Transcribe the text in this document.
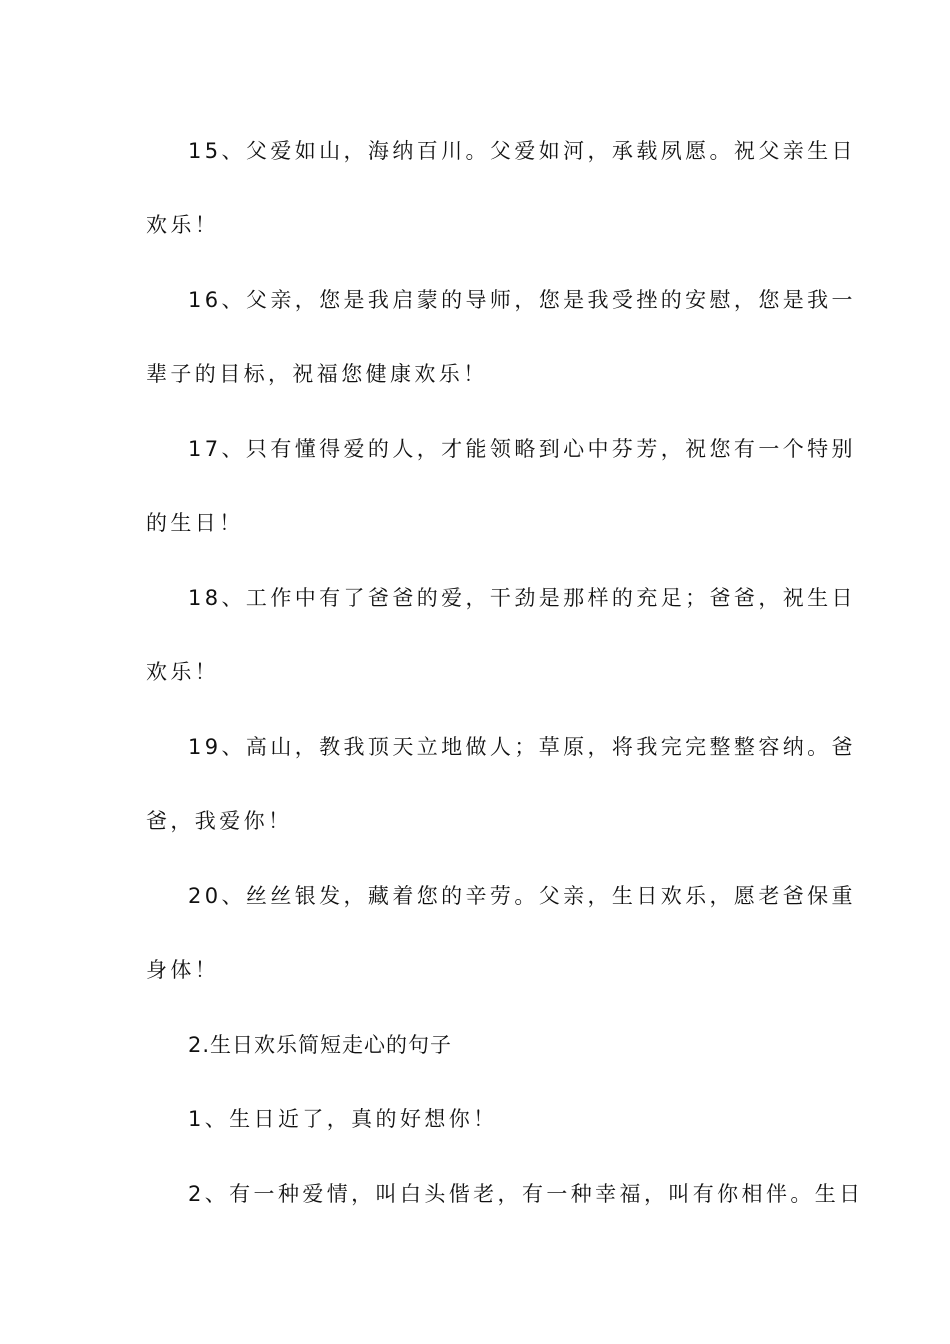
15、父爱如山，海纳百川。父爱如河，承载夙愿。祝父亲生日
欢乐！
16、父亲，您是我启蒙的导师，您是我受挫的安慰，您是我一
辈子的目标，祝福您健康欢乐！
17、只有懂得爱的人，才能领略到心中芬芳，祝您有一个特别
的生日！
18、工作中有了爸爸的爱，干劲是那样的充足；爸爸，祝生日
欢乐！
19、高山，教我顶天立地做人；草原，将我完完整整容纳。爸
爸，我爱你！
20、丝丝银发，藏着您的辛劳。父亲，生日欢乐，愿老爸保重
身体！
2.生日欢乐简短走心的句子
1、生日近了，真的好想你！
2、有一种爱情，叫白头偕老，有一种幸福，叫有你相伴。生日
